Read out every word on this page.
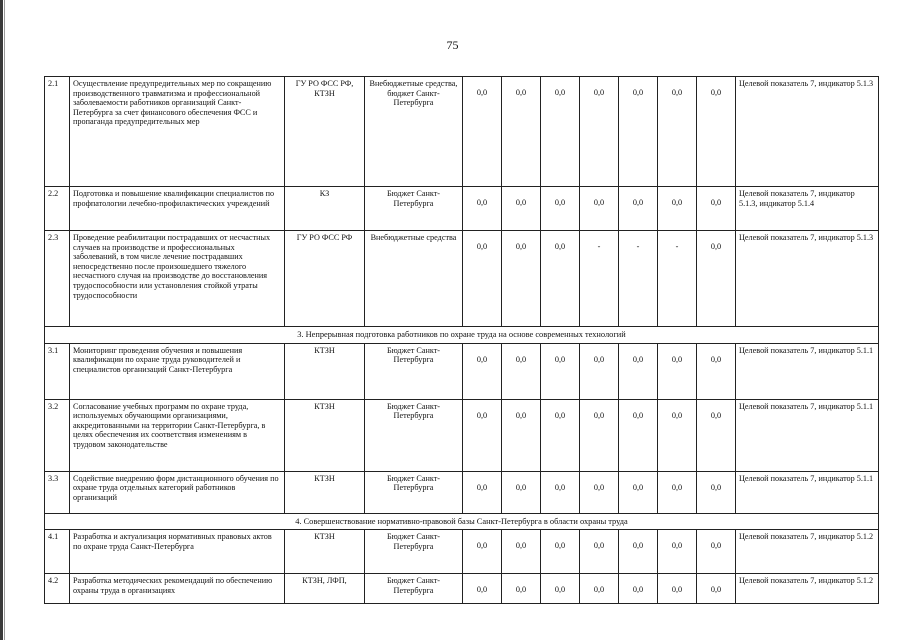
75
2.1	Осуществление предупредительных мер по сокращению производственного травматизма и профессиональной заболеваемости работников организаций Санкт-Петербурга за счет финансового обеспечения ФСС и пропаганда предупредительных мер	ГУ РО ФСС РФ, КТЗН	Внебюджетные средства, бюджет Санкт-Петербурга	0,0	0,0	0,0	0,0	0,0	0,0	0,0	Целевой показатель 7, индикатор 5.1.3
2.2	Подготовка и повышение квалификации специалистов по профпатологии лечебно-профилактических учреждений	КЗ	Бюджет Санкт-Петербурга	0,0	0,0	0,0	0,0	0,0	0,0	0,0	Целевой показатель 7, индикатор 5.1.3, индикатор 5.1.4
2.3	Проведение реабилитации пострадавших от несчастных случаев на производстве и профессиональных заболеваний, в том числе лечение пострадавших непосредственно после произошедшего тяжелого несчастного случая на производстве до восстановления трудоспособности или установления стойкой утраты трудоспособности	ГУ РО ФСС РФ	Внебюджетные средства	0,0	0,0	0,0	-	-	-	0,0	Целевой показатель 7, индикатор 5.1.3
3. Непрерывная подготовка работников по охране труда на основе современных технологий											
3.1	Мониторинг проведения обучения и повышения квалификации по охране труда руководителей и специалистов организаций Санкт-Петербурга	КТЗН	Бюджет Санкт-Петербурга	0,0	0,0	0,0	0,0	0,0	0,0	0,0	Целевой показатель 7, индикатор 5.1.1
3.2	Согласование учебных программ по охране труда, используемых обучающими организациями, аккредитованными на территории Санкт-Петербурга, в целях обеспечения их соответствия изменениям в трудовом законодательстве	КТЗН	Бюджет Санкт-Петербурга	0,0	0,0	0,0	0,0	0,0	0,0	0,0	Целевой показатель 7, индикатор 5.1.1
3.3	Содействие внедрению форм дистанционного обучения по охране труда отдельных категорий работников организаций	КТЗН	Бюджет Санкт-Петербурга	0,0	0,0	0,0	0,0	0,0	0,0	0,0	Целевой показатель 7, индикатор 5.1.1
4. Совершенствование нормативно-правовой базы Санкт-Петербурга в области охраны труда											
4.1	Разработка и актуализация нормативных правовых актов по охране труда Санкт-Петербурга	КТЗН	Бюджет Санкт-Петербурга	0,0	0,0	0,0	0,0	0,0	0,0	0,0	Целевой показатель 7, индикатор 5.1.2
4.2	Разработка методических рекомендаций по обеспечению охраны труда в организациях	КТЗН, ЛФП,	Бюджет Санкт-Петербурга	0,0	0,0	0,0	0,0	0,0	0,0	0,0	Целевой показатель 7, индикатор 5.1.2
